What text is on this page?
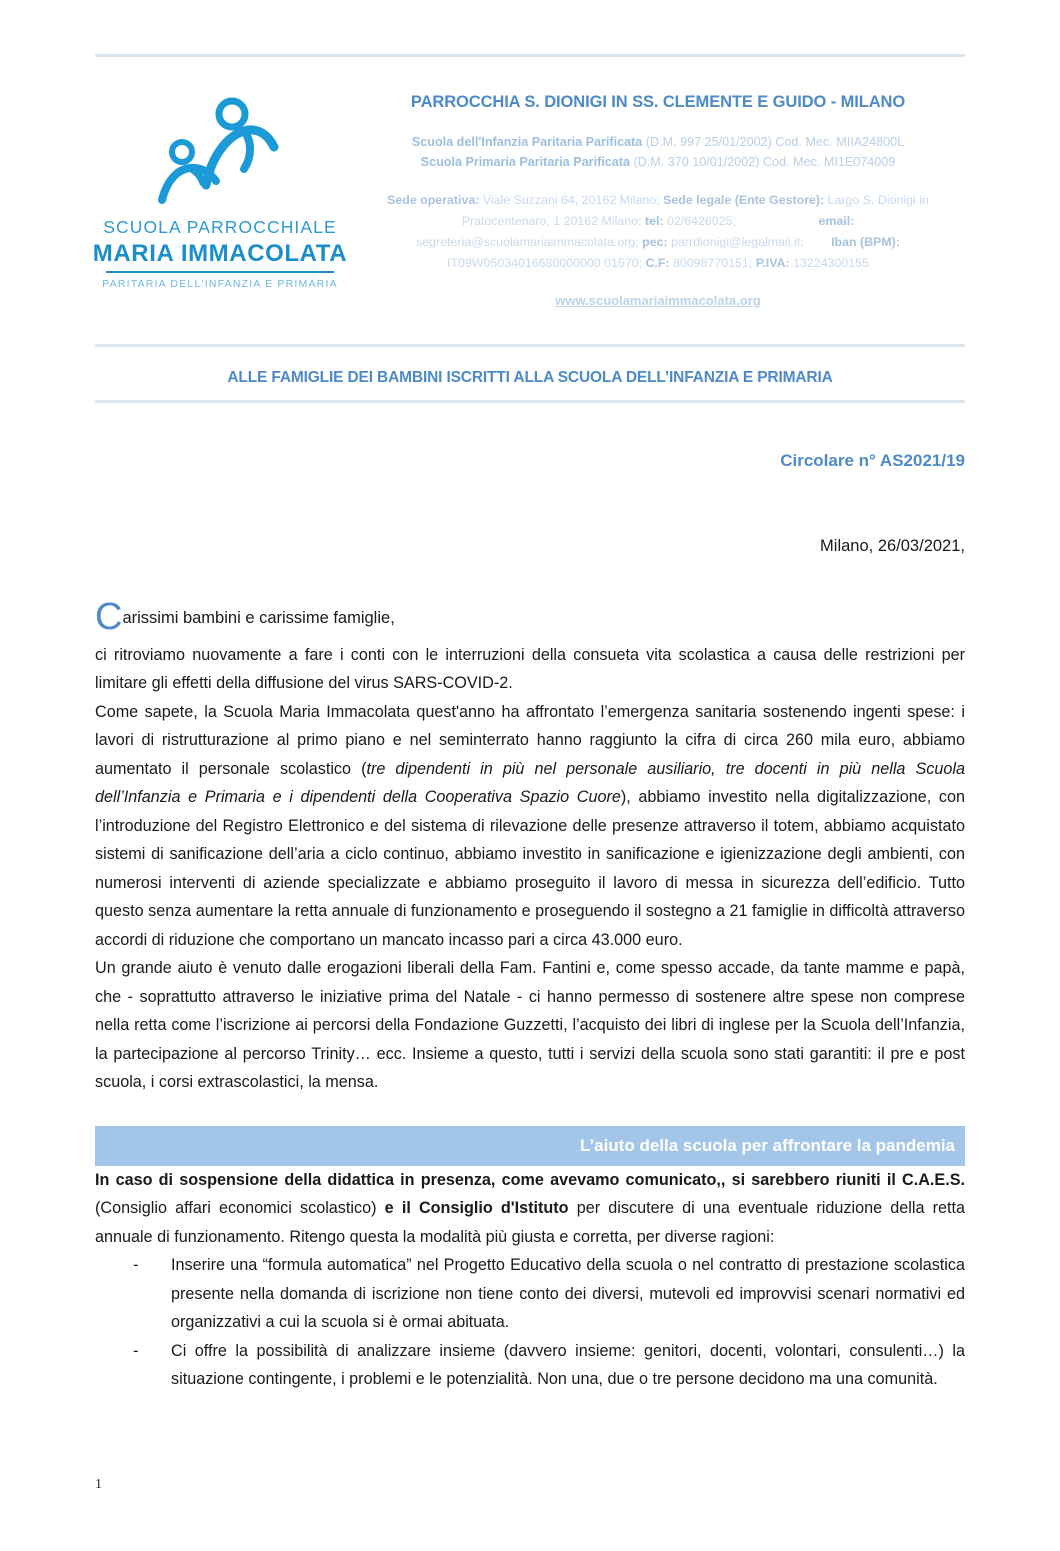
SCUOLA PARROCCHIALE
MARIA IMMACOLATA
PARITARIA DELL'INFANZIA E PRIMARIA
PARROCCHIA S. DIONIGI IN SS. CLEMENTE E GUIDO - MILANO
Scuola dell'Infanzia Paritaria Parificata (D.M. 997 25/01/2002) Cod. Mec. MIIA24800L
Scuola Primaria Paritaria Parificata (D.M. 370 10/01/2002) Cod. Mec. MI1E074009
Sede operativa: Viale Suzzani 64, 20162 Milano; Sede legale (Ente Gestore): Largo S. Dionigi in Pratocentenaro, 1 20162 Milano; tel: 02/6426025;	email: segreteria@scuolamariaimmacolata.org; pec: parrdionigi@legalmail.it; Iban (BPM): IT09W05034016680000000 01570; C.F: 80098770151; P.IVA: 13224300155
www.scuolamariaimmacolata.org
ALLE FAMIGLIE DEI BAMBINI ISCRITTI ALLA SCUOLA DELL’INFANZIA E PRIMARIA
Circolare n° AS2021/19
Milano, 26/03/2021,
Carissimi bambini e carissime famiglie,

ci ritroviamo nuovamente a fare i conti con le interruzioni della consueta vita scolastica a causa delle restrizioni per limitare gli effetti della diffusione del virus SARS-COVID-2.

Come sapete, la Scuola Maria Immacolata quest'anno ha affrontato l’emergenza sanitaria sostenendo ingenti spese: i lavori di ristrutturazione al primo piano e nel seminterrato hanno raggiunto la cifra di circa 260 mila euro, abbiamo aumentato il personale scolastico (tre dipendenti in più nel personale ausiliario, tre docenti in più nella Scuola dell’Infanzia e Primaria e i dipendenti della Cooperativa Spazio Cuore), abbiamo investito nella digitalizzazione, con l’introduzione del Registro Elettronico e del sistema di rilevazione delle presenze attraverso il totem, abbiamo acquistato sistemi di sanificazione dell’aria a ciclo continuo, abbiamo investito in sanificazione e igienizzazione degli ambienti, con numerosi interventi di aziende specializzate e abbiamo proseguito il lavoro di messa in sicurezza dell’edificio. Tutto questo senza aumentare la retta annuale di funzionamento e proseguendo il sostegno a 21 famiglie in difficoltà attraverso accordi di riduzione che comportano un mancato incasso pari a circa 43.000 euro.

Un grande aiuto è venuto dalle erogazioni liberali della Fam. Fantini e, come spesso accade, da tante mamme e papà, che - soprattutto attraverso le iniziative prima del Natale - ci hanno permesso di sostenere altre spese non comprese nella retta come l’iscrizione ai percorsi della Fondazione Guzzetti, l’acquisto dei libri di inglese per la Scuola dell’Infanzia, la partecipazione al percorso Trinity… ecc. Insieme a questo, tutti i servizi della scuola sono stati garantiti: il pre e post scuola, i corsi extrascolastici, la mensa.

L’aiuto della scuola per affrontare la pandemia

In caso di sospensione della didattica in presenza, come avevamo comunicato,, si sarebbero riuniti il C.A.E.S. (Consiglio affari economici scolastico) e il Consiglio d'Istituto per discutere di una eventuale riduzione della retta annuale di funzionamento. Ritengo questa la modalità più giusta e corretta, per diverse ragioni:

- Inserire una “formula automatica” nel Progetto Educativo della scuola o nel contratto di prestazione scolastica presente nella domanda di iscrizione non tiene conto dei diversi, mutevoli ed improvvisi scenari normativi ed organizzativi a cui la scuola si è ormai abituata.
- Ci offre la possibilità di analizzare insieme (davvero insieme: genitori, docenti, volontari, consulenti…) la situazione contingente, i problemi e le potenzialità. Non una, due o tre persone decidono ma una comunità.
1
